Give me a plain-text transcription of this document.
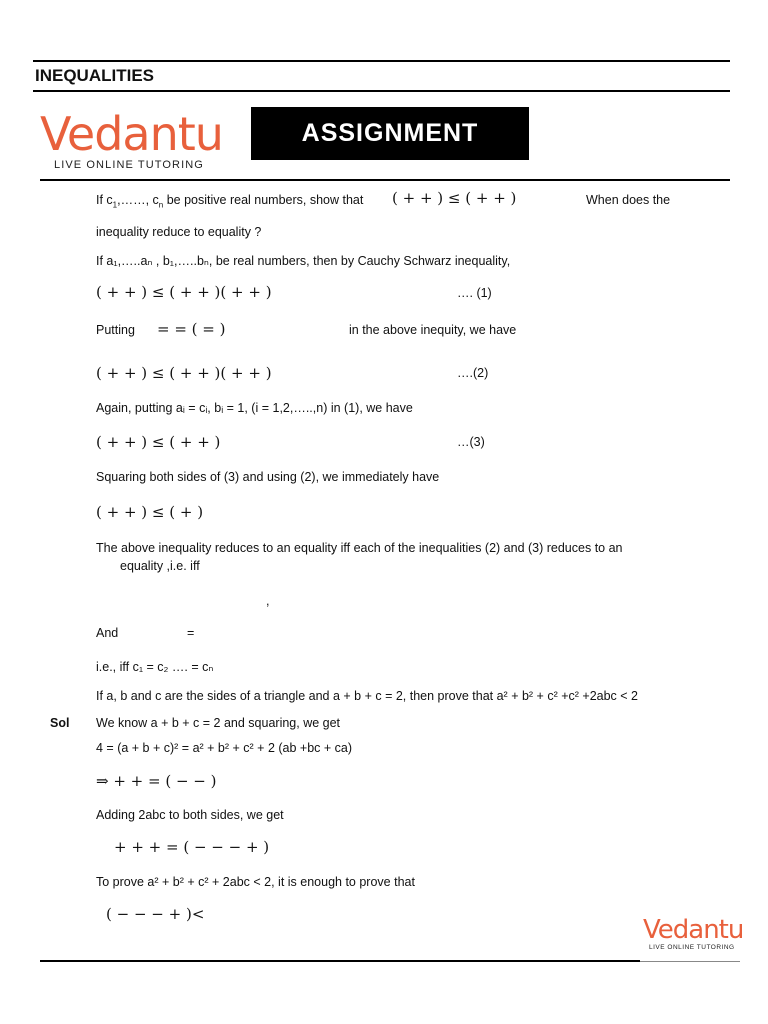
INEQUALITIES
Vedantu
LIVE ONLINE TUTORING
ASSIGNMENT
If $c_1,\dots\dots$, $c_n$ be positive real numbers, show that ( + + ) ≤ ( + + )	When does the
inequality reduce to equality ?
If a₁,…..aₙ , b₁,…..bₙ, be real numbers, then by Cauchy Schwarz inequality,
( + + ) ≤ ( + + )( + + )	…. (1)
Putting = = ( = )	in the above inequity, we have
( + + ) ≤ ( + + )( + + )	….(2)
Again, putting aᵢ = cᵢ, bᵢ = 1, (i = 1,2,…..,n) in (1), we have
( + + ) ≤ ( + + )	…(3)
Squaring both sides of (3) and using (2), we immediately have
( + + ) ≤ ( + )
The above inequality reduces to an equality iff each of the inequalities (2) and (3) reduces to an
equality ,i.e. iff
,
And	=
i.e., iff c₁ = c₂ …. = cₙ
If a, b and c are the sides of a triangle and a + b + c = 2, then prove that a² + b² + c² +c² +2abc < 2
Sol We know a + b + c = 2 and squaring, we get
4 = (a + b + c)² = a² + b² + c² + 2 (ab +bc + ca)
⇒ + + = ( − − )
Adding 2abc to both sides, we get
+ + + = ( − − − + )
To prove a² + b² + c² + 2abc < 2, it is enough to prove that
( − − − + )<
Vedantu
LIVE ONLINE TUTORING
